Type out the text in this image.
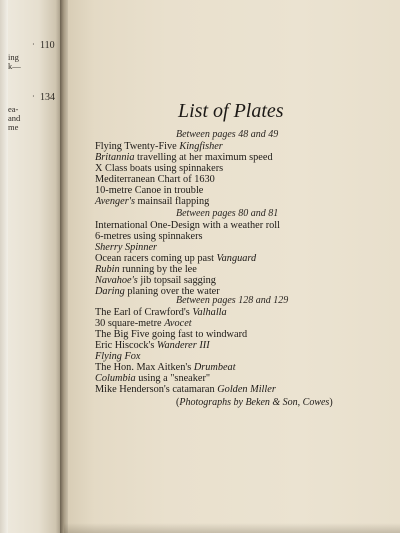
· 110
ing
k—
· 134
ea-
and
me
List of Plates
Between pages 48 and 49
Flying Twenty-Five Kingfisher
Britannia travelling at her maximum speed
X Class boats using spinnakers
Mediterranean Chart of 1630
10-metre Canoe in trouble
Avenger's mainsail flapping
Between pages 80 and 81
International One-Design with a weather roll
6-metres using spinnakers
Sherry Spinner
Ocean racers coming up past Vanguard
Rubin running by the lee
Navahoe's jib topsail sagging
Daring planing over the water
Between pages 128 and 129
The Earl of Crawford's Valhalla
30 square-metre Avocet
The Big Five going fast to windward
Eric Hiscock's Wanderer III
Flying Fox
The Hon. Max Aitken's Drumbeat
Columbia using a "sneaker"
Mike Henderson's catamaran Golden Miller
(Photographs by Beken & Son, Cowes)
